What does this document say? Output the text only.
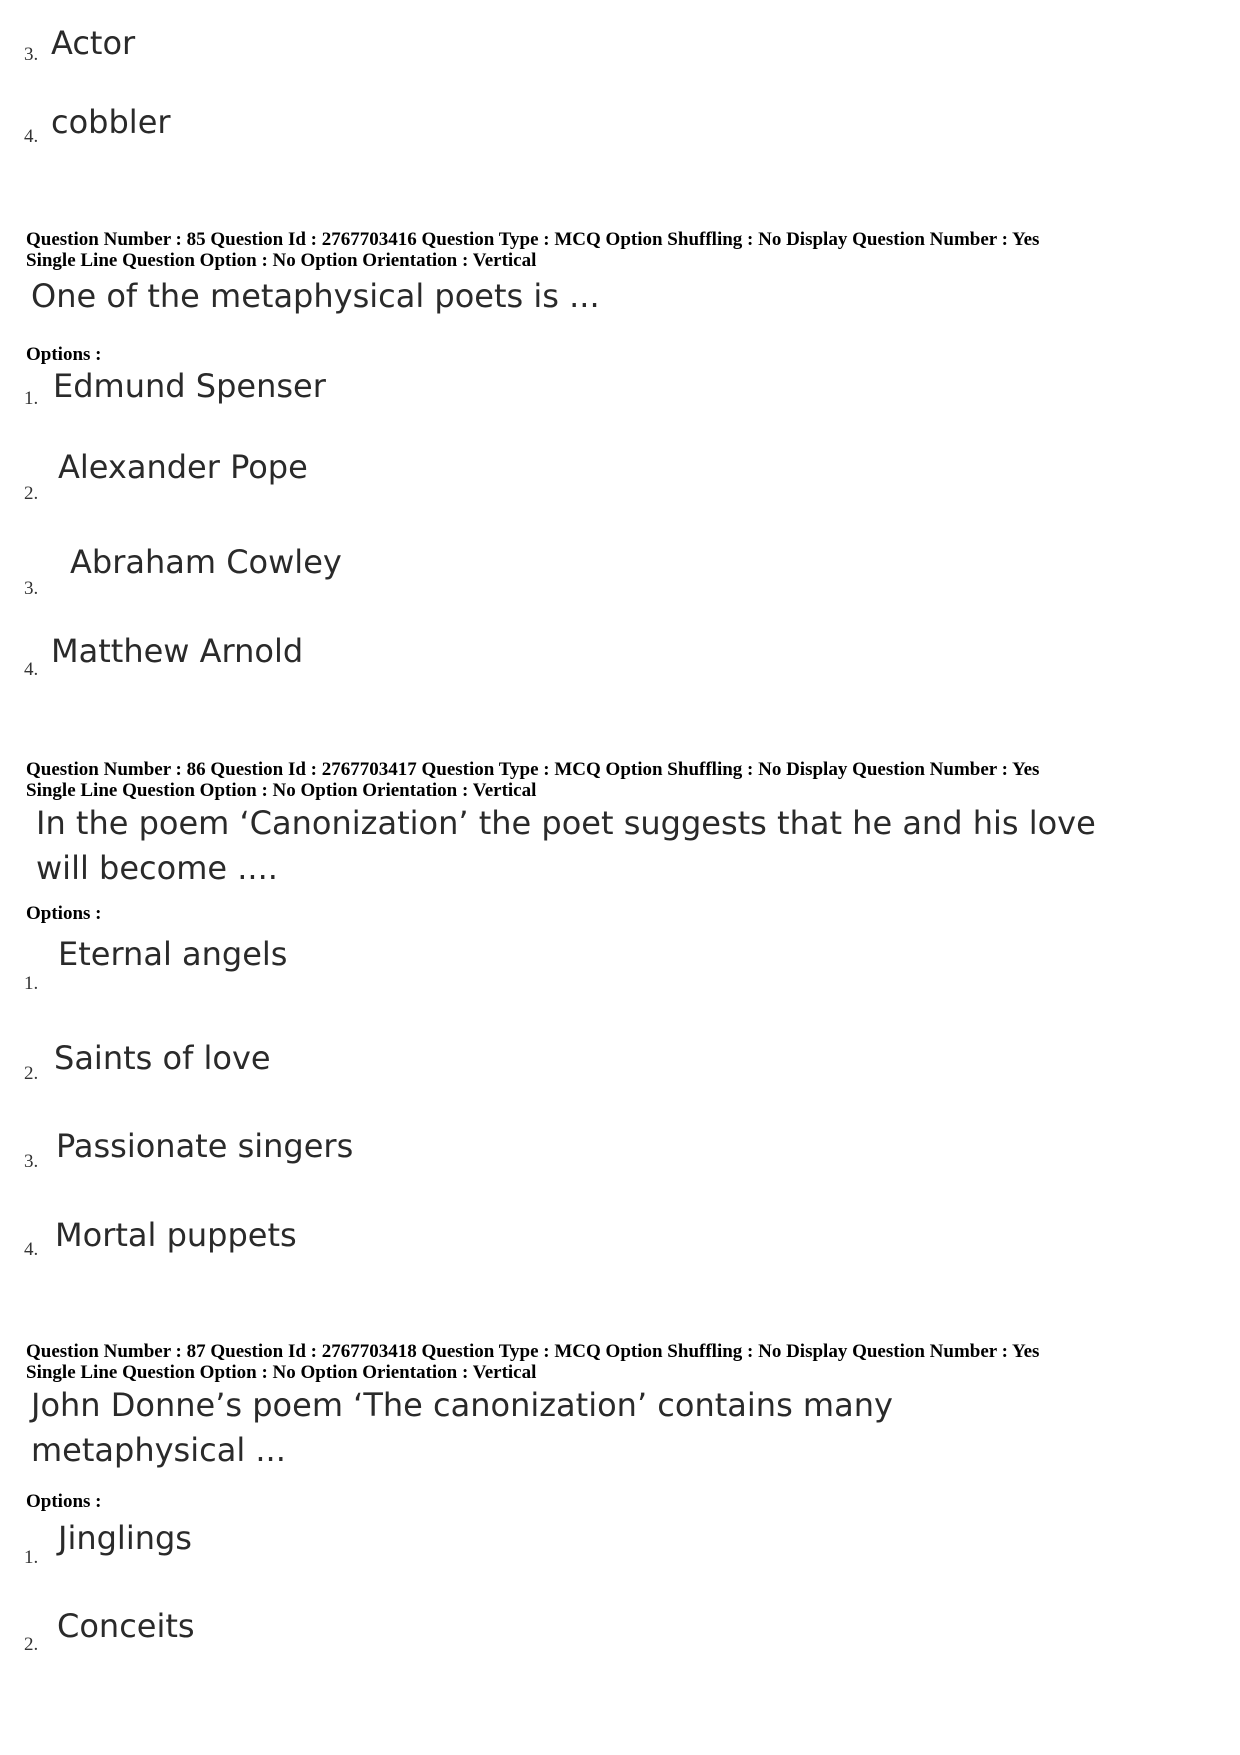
3. Actor
4. cobbler
Question Number : 85 Question Id : 2767703416 Question Type : MCQ Option Shuffling : No Display Question Number : Yes
Single Line Question Option : No Option Orientation : Vertical
One of the metaphysical poets is ...
Options :
1. Edmund Spenser
2.
Alexander Pope
3.
Abraham Cowley
4. Matthew Arnold
Question Number : 86 Question Id : 2767703417 Question Type : MCQ Option Shuffling : No Display Question Number : Yes
Single Line Question Option : No Option Orientation : Vertical
In the poem ‘Canonization’ the poet suggests that he and his love
will become ....
Options :
1.
Eternal angels
2. Saints of love
3. Passionate singers
4. Mortal puppets
Question Number : 87 Question Id : 2767703418 Question Type : MCQ Option Shuffling : No Display Question Number : Yes
Single Line Question Option : No Option Orientation : Vertical
John Donne’s poem ‘The canonization’ contains many
metaphysical ...
Options :
1.
Jinglings
2. Conceits
